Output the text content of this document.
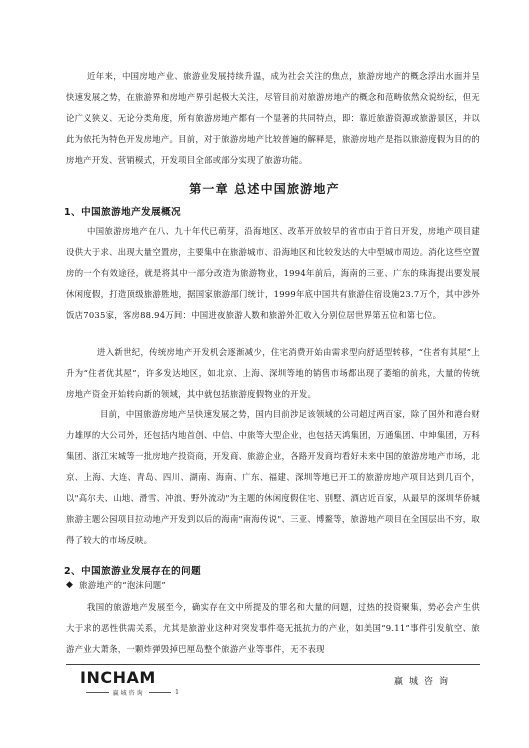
近年来，中国房地产业、旅游业发展持续升温，成为社会关注的焦点，旅游房地产的概念浮出水面并呈快速发展之势，在旅游界和房地产界引起极大关注，尽管目前对旅游房地产的概念和范畴依然众说纷纭，但无论广义狭义、无论分类角度，所有旅游房地产都有一个显著的共同特点，即：靠近旅游资源或旅游景区，并以此为依托为特色开发房地产。目前，对于旅游房地产比较普遍的解释是，旅游房地产是指以旅游度假为目的的房地产开发、营销模式，开发项目全部或部分实现了旅游功能。
第一章 总述中国旅游地产
1、中国旅游地产发展概况
中国旅游房地产在八、九十年代已萌芽，沿海地区、改革开放较早的省市由于首日开发，房地产项目建设供大于求、出现大量空置房，主要集中在旅游城市、沿海地区和比较发达的大中型城市周边。消化这些空置房的一个有效途径，就是将其中一部分改造为旅游物业，1994年前后，海南的三亚、广东的珠海提出要发展休闲度假，打造顶级旅游胜地，据国家旅游部门统计，1999年底中国共有旅游住宿设施23.7万个，其中涉外饭店7035家，客房88.94万间：中国进夜旅游人数和旅游外汇收入分别位居世界第五位和第七位。
进入新世纪，传统房地产开发机会逐渐减少，住宅消费开始由需求型向舒适型转移，“住者有其屋”上升为“住者优其屋”，许多发达地区，如北京、上海、深圳等地的销售市场都出现了萎缩的前兆，大量的传统房地产资金开始转向新的领域，其中就包括旅游度假物业的开发。
目前，中国旅游房地产呈快速发展之势，国内目前涉足该领域的公司超过两百家，除了国外和港台财力雄厚的大公司外，还包括内地首创、中信、中旅等大型企业，也包括天鸿集团，万通集团、中坤集团，万科集团、浙江宋城等一批房地产投资商，开发商、旅游企业，各路开发商均看好未来中国的旅游房地产市场，北京、上海、大连、青岛、四川、湖南、海南、广东、福建、深圳等地已开工的旅游房地产项目达到几百个，以"高尔夫、山地、滑雪、冲浪、野外流动"为主题的休闲度假住宅、别墅、酒店近百家，从最早的深圳华侨城旅游主题公园项目拉动地产开发到以后的海南"南海传说"、三亚、博鳌等，旅游地产项目在全国层出不穷，取得了较大的市场反映。
2、中国旅游业发展存在的问题
◆ 旅游地产的“泡沫问题”
我国的旅游地产发展至今，确实存在文中所提及的罪名和大量的问题，过热的投资聚集，势必会产生供大于求的恶性供需关系，尤其是旅游业这种对突发事件毫无抵抗力的产业，如美国“9.11”事件引发航空、旅游产业大萧条，一颗炸弹毁掉巴厘岛整个旅游产业等事件，无不表现
INCHAM
赢城咨询	1
赢城咨询
